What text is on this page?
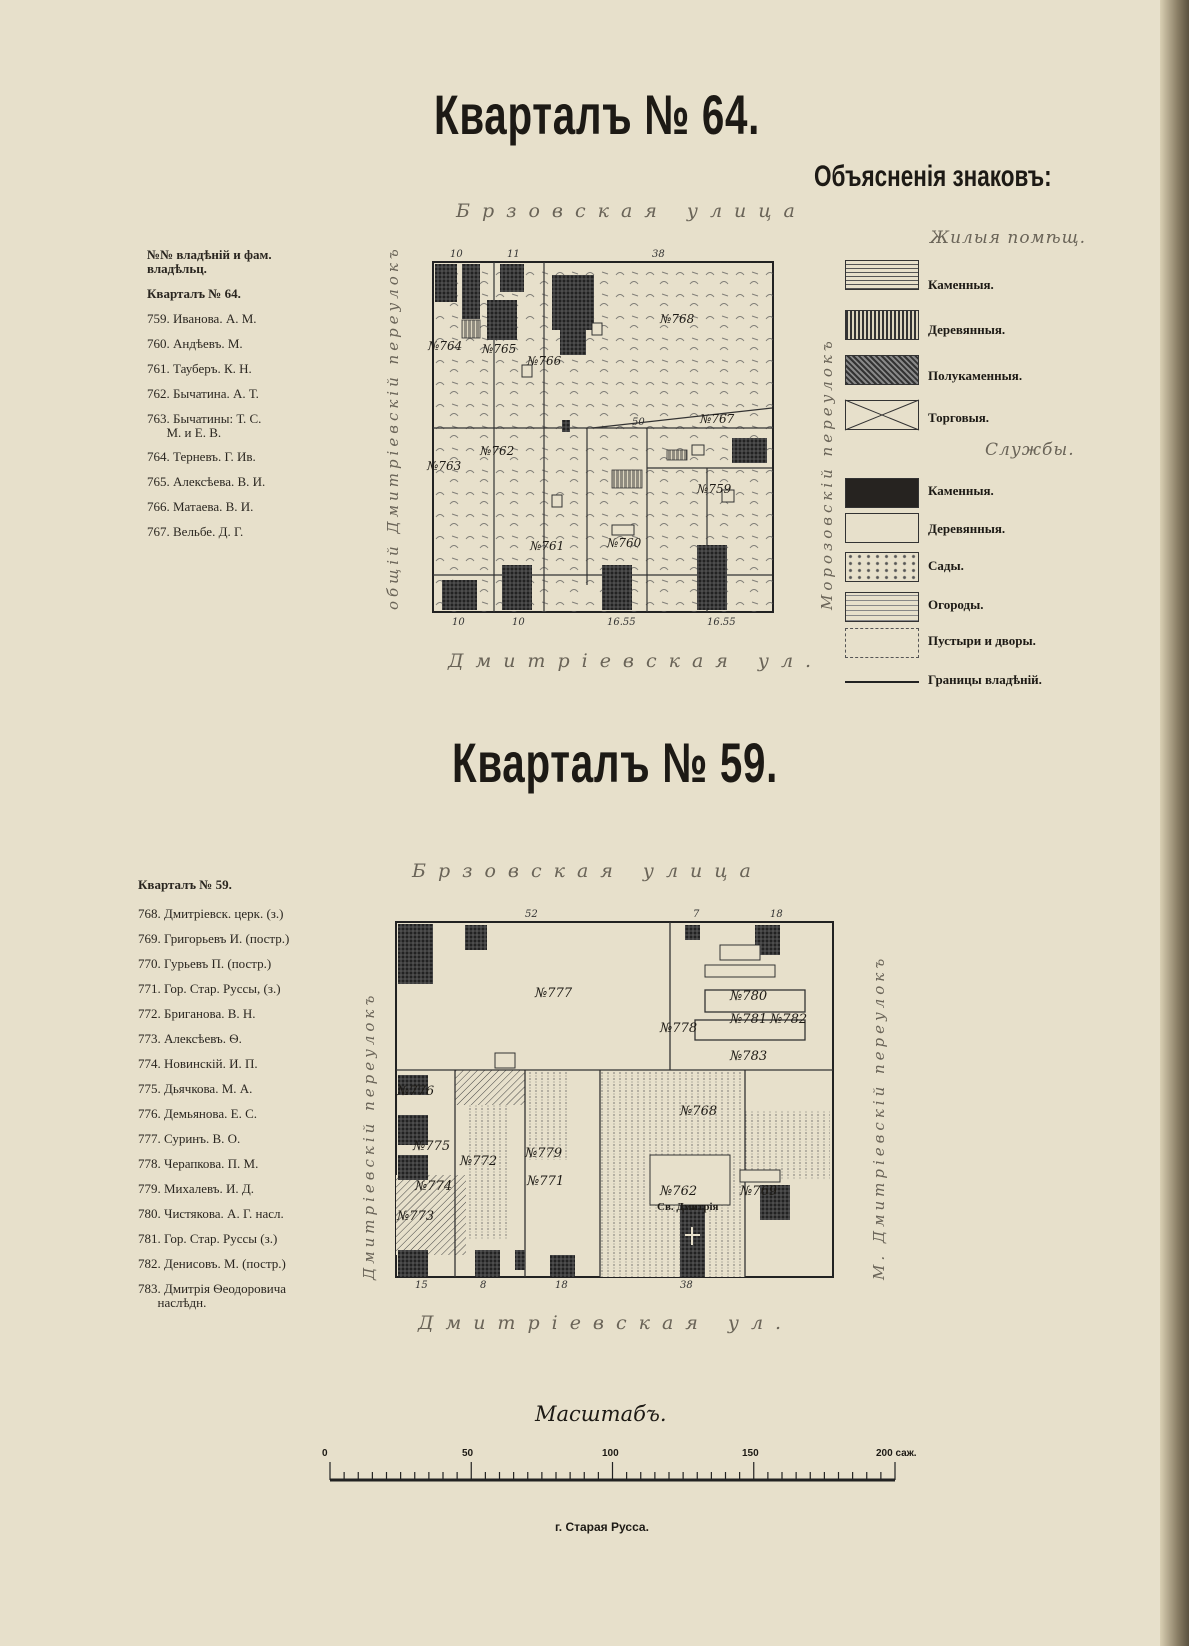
Кварталъ № 64.
Кварталъ № 59.
№№ владѣній и фам. владѣльц.
Кварталъ № 64.
759. Иванова. А. М.
760. Андѣевъ. М.
761. Тауберъ. К. Н.
762. Бычатина. А. Т.
763. Бычатины: Т. С.
М. и Е. В.
764. Терневъ. Г. Ив.
765. Алексѣева. В. И.
766. Матаева. В. И.
767. Вельбе. Д. Г.
Брзовская улица
Дмитріевская ул.
общій Дмитріевскій переулокъ	Морозовскій переулокъ
№764 №765
№766
№768
№767
№763
№762
№759
№761	№760
10	11	38
50
10	10	16.55	16.55
Объясненія знаковъ:
Жилыя помѣщ.
Службы.
Каменныя.
Деревянныя.
Полукаменныя.
Торговыя.
Каменныя.
Деревянныя.
Сады.
Огороды.
Пустыри и дворы.
Границы владѣній.
Кварталъ № 59.
768. Дмитріевск. церк. (з.)
769. Григорьевъ И. (постр.)
770. Гурьевъ П. (постр.)
771. Гор. Стар. Руссы, (з.)
772. Бриганова. В. Н.
773. Алексѣевъ. Ѳ.
774. Новинскій. И. П.
775. Дьячкова. М. А.
776. Демьянова. Е. С.
777. Суринъ. В. О.
778. Черапкова. П. М.
779. Михалевъ. И. Д.
780. Чистякова. А. Г. насл.
781. Гор. Стар. Руссы (з.)
782. Денисовъ. М. (постр.)
783. Дмитрія Ѳеодоровича
наслѣдн.
Брзовская улица
Дмитріевская ул.
Дмитріевскій переулокъ	М. Дмитріевскій переулокъ
№777	№780
№778
№781 №782
№783
№776
№768
№775
№772
№779
№771
№774
№773
№769
№762
Св. Дмитрія
52	7	18
15	8	18	38
Масштабъ.
0	50	100	150	200 саж.
г. Старая Русса.
